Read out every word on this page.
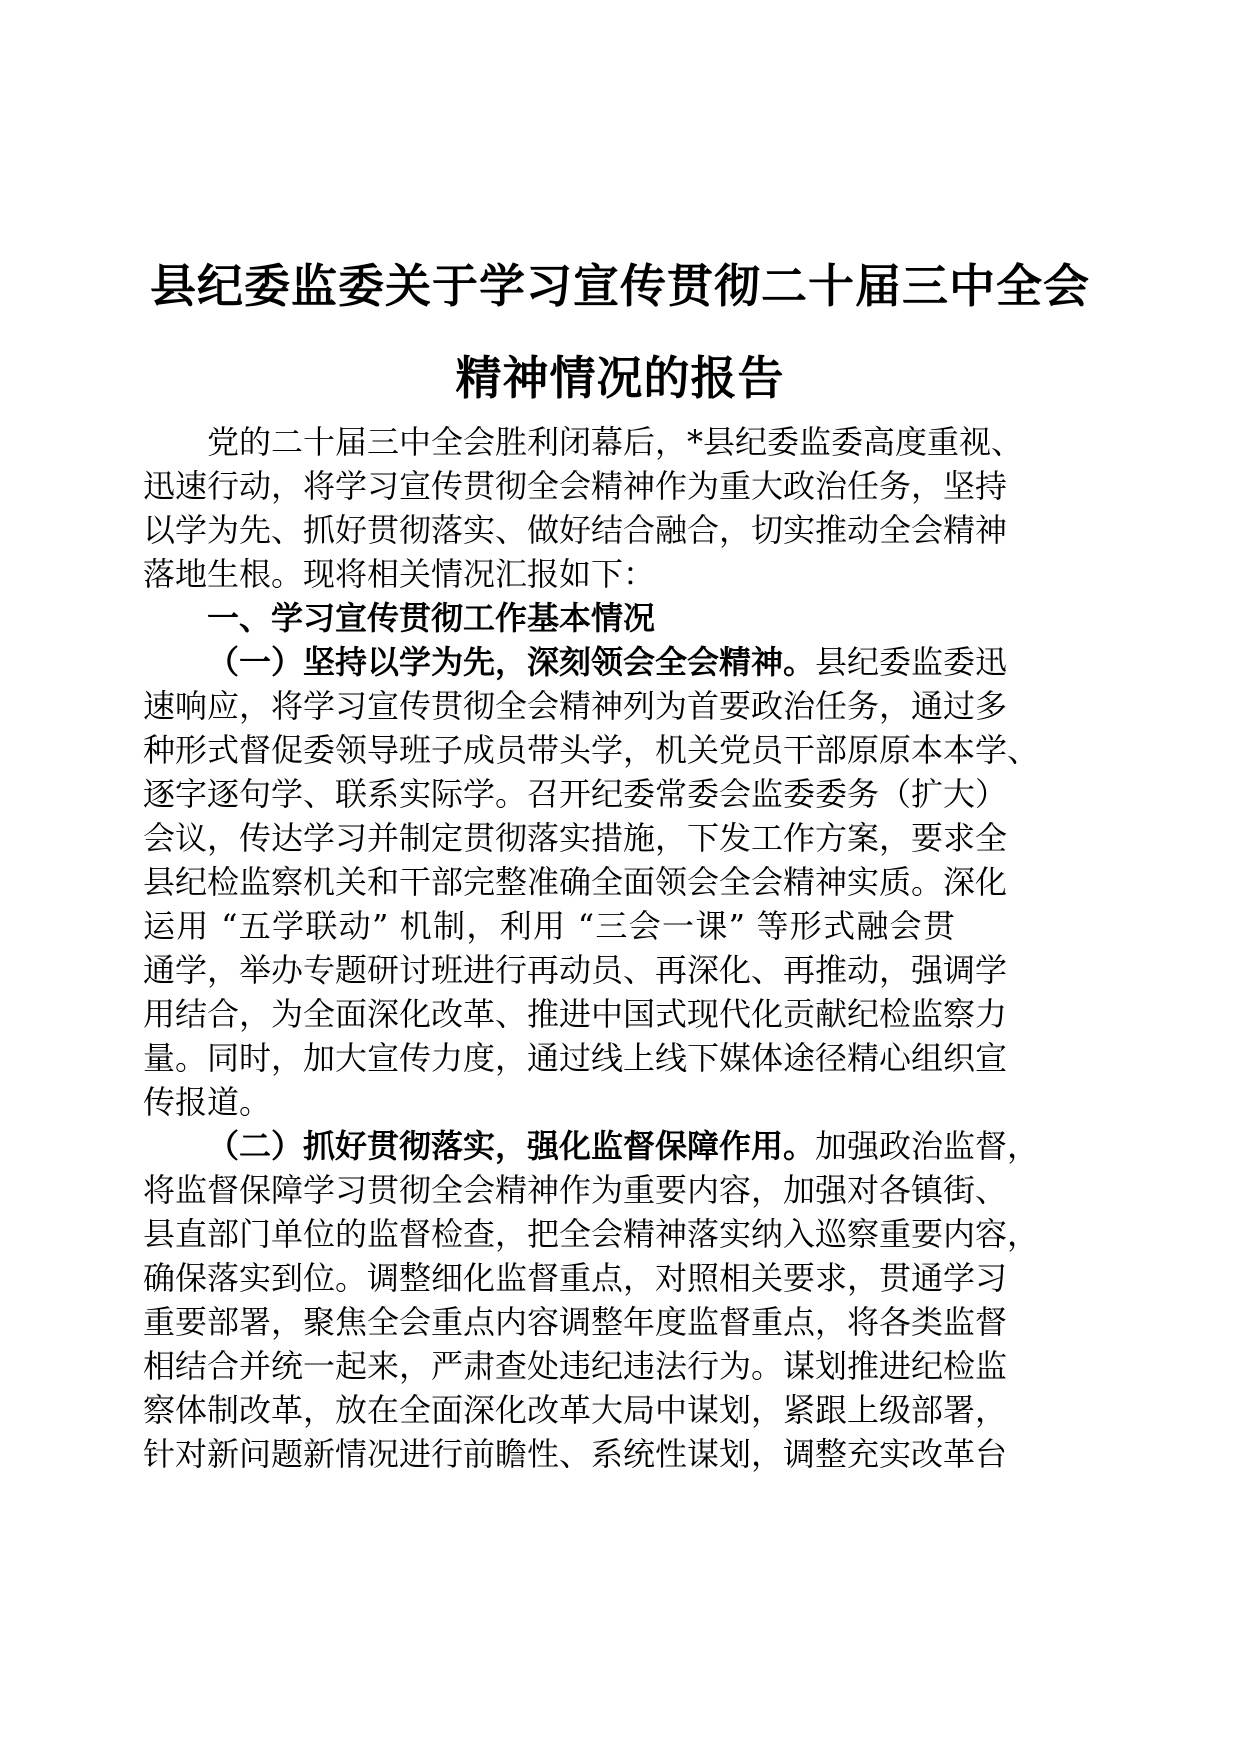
县纪委监委关于学习宣传贯彻二十届三中全会
精神情况的报告
党的二十届三中全会胜利闭幕后，*县纪委监委高度重视、
迅速行动，将学习宣传贯彻全会精神作为重大政治任务，坚持
以学为先、抓好贯彻落实、做好结合融合，切实推动全会精神
落地生根。现将相关情况汇报如下：
一、学习宣传贯彻工作基本情况
（一）坚持以学为先，深刻领会全会精神。县纪委监委迅
速响应，将学习宣传贯彻全会精神列为首要政治任务，通过多
种形式督促委领导班子成员带头学，机关党员干部原原本本学、
逐字逐句学、联系实际学。召开纪委常委会监委委务（扩大）
会议，传达学习并制定贯彻落实措施，下发工作方案，要求全
县纪检监察机关和干部完整准确全面领会全会精神实质。深化
运用 “五学联动” 机制，利用 “三会一课” 等形式融会贯
通学，举办专题研讨班进行再动员、再深化、再推动，强调学
用结合，为全面深化改革、推进中国式现代化贡献纪检监察力
量。同时，加大宣传力度，通过线上线下媒体途径精心组织宣
传报道。
（二）抓好贯彻落实，强化监督保障作用。加强政治监督，
将监督保障学习贯彻全会精神作为重要内容，加强对各镇街、
县直部门单位的监督检查，把全会精神落实纳入巡察重要内容，
确保落实到位。调整细化监督重点，对照相关要求，贯通学习
重要部署，聚焦全会重点内容调整年度监督重点，将各类监督
相结合并统一起来，严肃查处违纪违法行为。谋划推进纪检监
察体制改革，放在全面深化改革大局中谋划，紧跟上级部署，
针对新问题新情况进行前瞻性、系统性谋划，调整充实改革台
